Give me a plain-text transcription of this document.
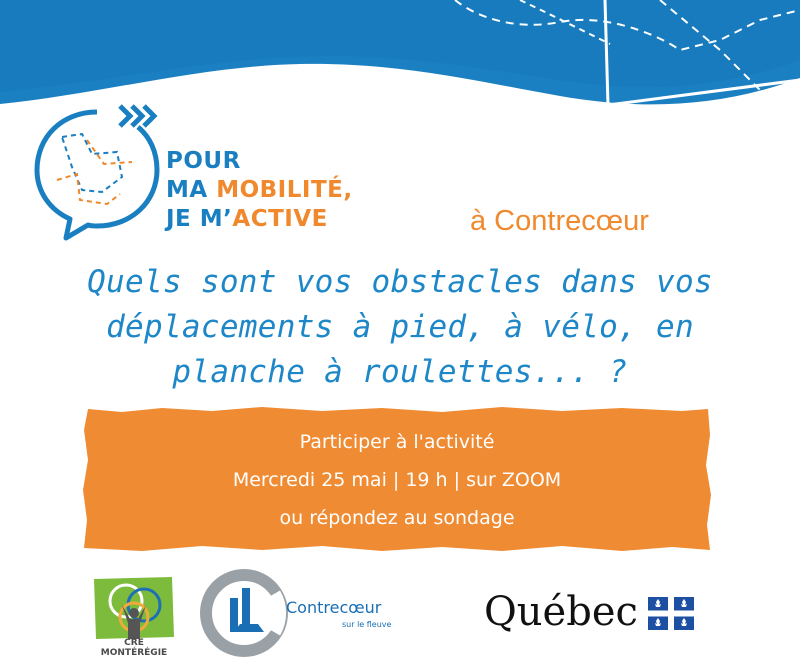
POUR
MA MOBILITÉ,
JE M’ACTIVE	à Contrecœur
Quels sont vos obstacles dans vos
déplacements à pied, à vélo, en
planche à roulettes... ?
Participer à l'activité
Mercredi 25 mai | 19 h | sur ZOOM
ou répondez au sondage
CRE MONTÉRÉGIE
Contrecœur
sur le fleuve Québec
